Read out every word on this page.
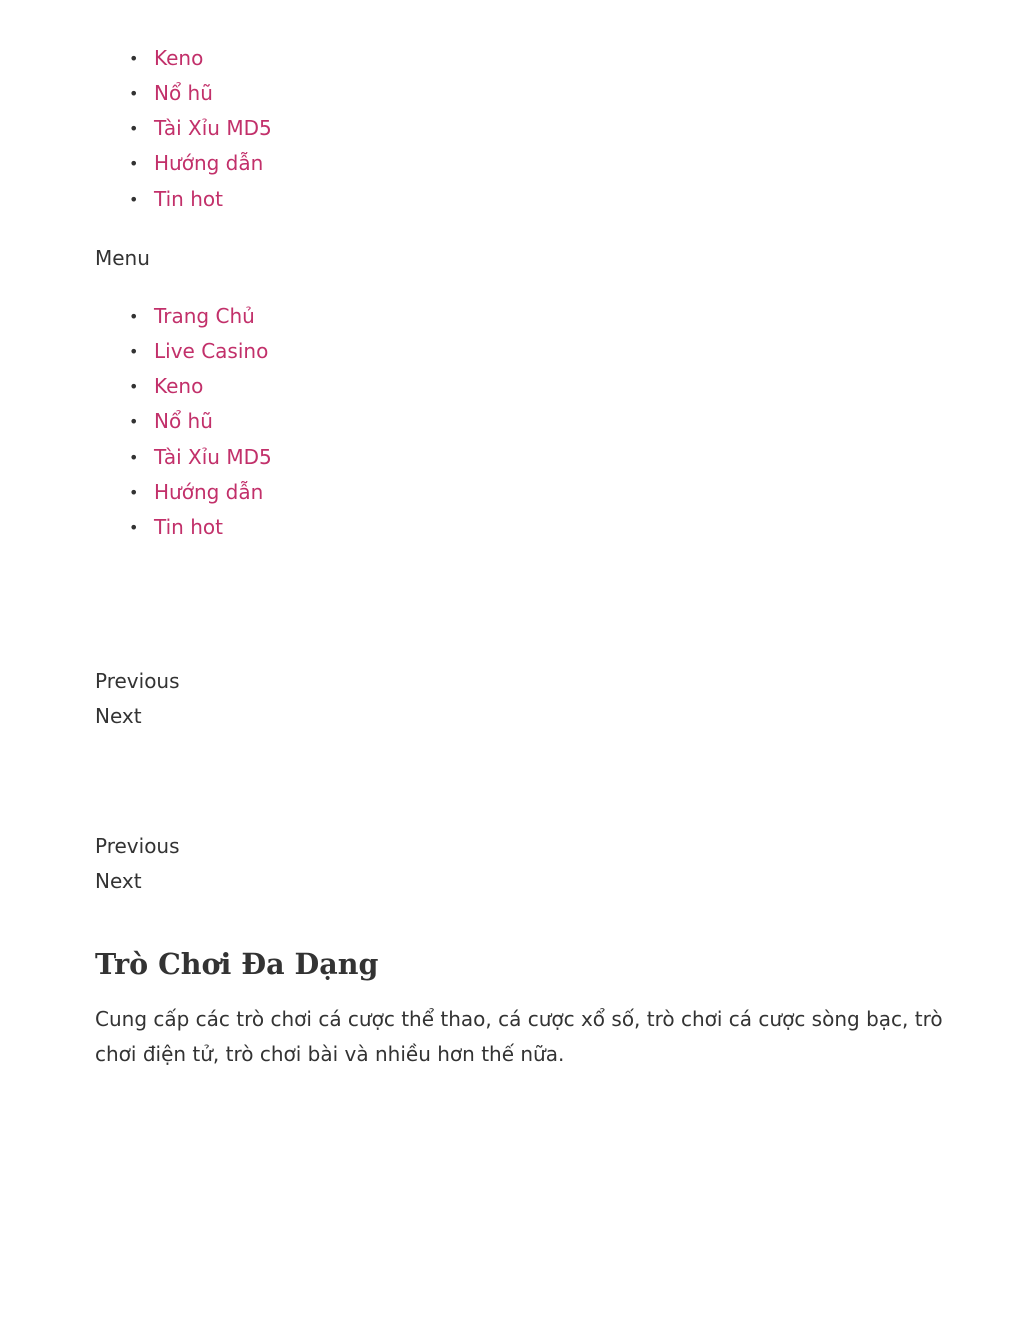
• Keno
• Nổ hũ
• Tài Xỉu MD5
• Hướng dẫn
• Tin hot
Menu
• Trang Chủ
• Live Casino
• Keno
• Nổ hũ
• Tài Xỉu MD5
• Hướng dẫn
• Tin hot
Previous
Next
Previous
Next
Trò Chơi Đa Dạng

Cung cấp các trò chơi cá cược thể thao, cá cược xổ số, trò chơi cá cược sòng bạc, trò chơi điện tử, trò chơi bài và nhiều hơn thế nữa.
